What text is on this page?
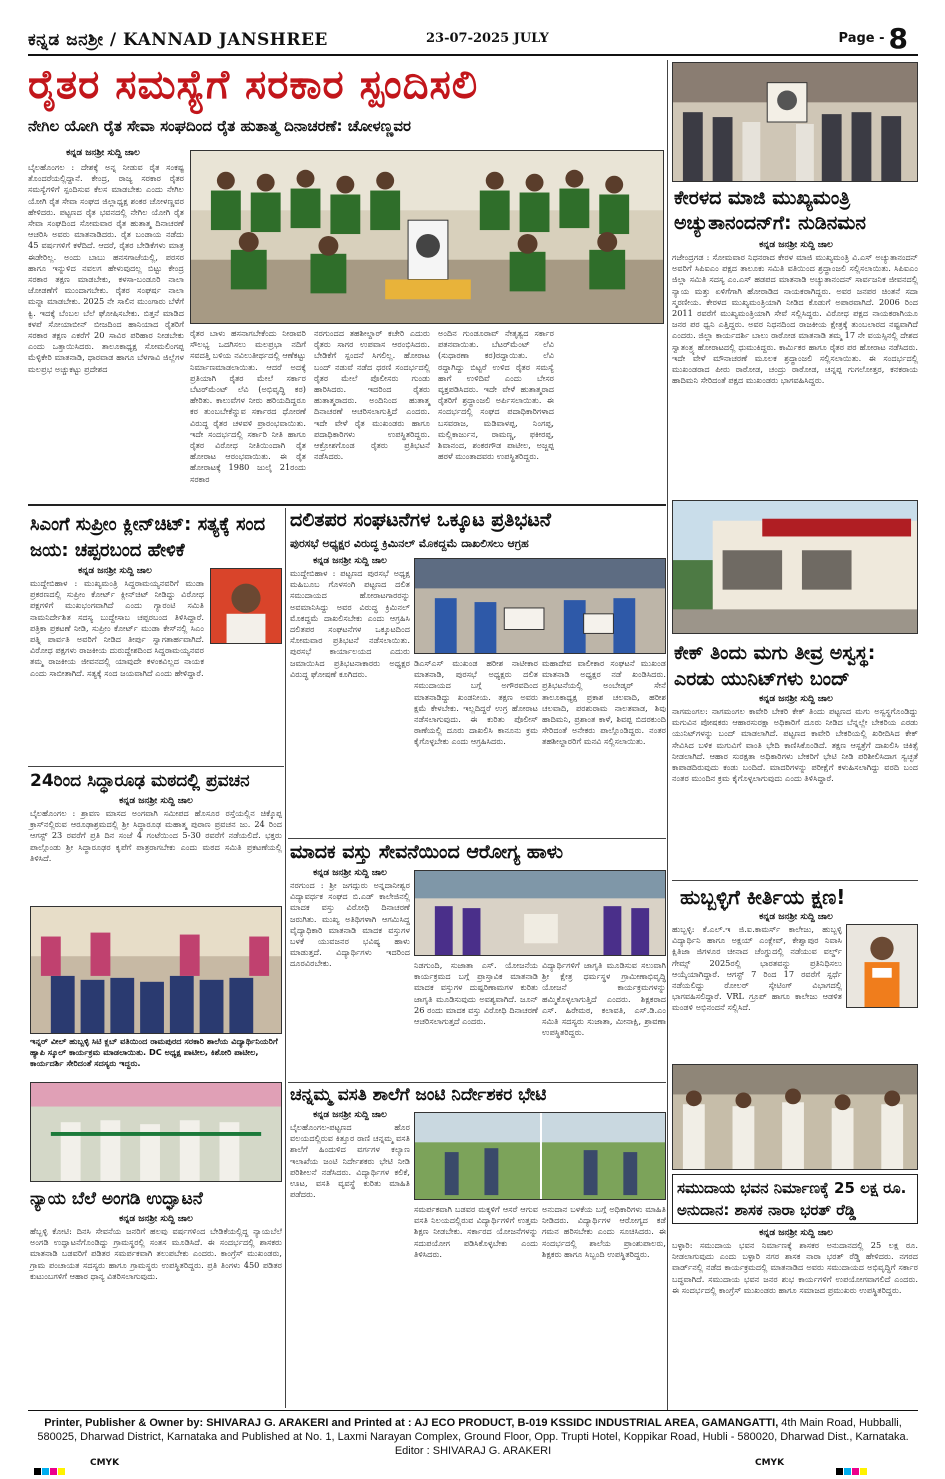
ಕನ್ನಡ ಜನಶ್ರೀ / KANNAD JANSHREE	23-07-2025 JULY	Page - 8
ರೈತರ ಸಮಸ್ಯೆಗೆ ಸರಕಾರ ಸ್ಪಂದಿಸಲಿ
ನೇಗಿಲ ಯೋಗಿ ರೈತ ಸೇವಾ ಸಂಘದಿಂದ ರೈತ ಹುತಾತ್ಮ ದಿನಾಚರಣೆ: ಚೋಳಣ್ಣವರ
ಕನ್ನಡ ಜನಶ್ರೀ ಸುದ್ದಿ ಜಾಲ
ಬೈಲಹೊಂಗಲ : ದೇಶಕ್ಕೆ ಅನ್ನ ನೀಡುವ ರೈತ ಸಂಕಷ್ಟ ತೊಂದರೆಯಲ್ಲಿದ್ದಾನೆ. ಕೇಂದ್ರ, ರಾಜ್ಯ ಸರಕಾರ ರೈತರ ಸಮಸ್ಯೆಗಳಿಗೆ ಸ್ಪಂದಿಸುವ ಕೆಲಸ ಮಾಡಬೇಕು ಎಂದು ನೇಗಿಲ ಯೋಗಿ ರೈತ ಸೇವಾ ಸಂಘದ ಜಿಲ್ಲಾಧ್ಯಕ್ಷ ಶಂಕರ ಚೋಳಣ್ಣವರ ಹೇಳಿದರು. ಪಟ್ಟಣದ ರೈತ ಭವನದಲ್ಲಿ ನೇಗಿಲ ಯೋಗಿ ರೈತ ಸೇವಾ ಸಂಘದಿಂದ ಸೋಮವಾರ ರೈತ ಹುತಾತ್ಮ ದಿನಾಚರಣೆ ಆಚರಿಸಿ ಅವರು ಮಾತನಾಡಿದರು. ರೈತ ಬಂಡಾಯ ನಡೆದು 45 ವರ್ಷಗಳಿಗೆ ಕಳೆದಿದೆ. ಆದರೆ, ರೈತರ ಬೇಡಿಕೆಗಳು ಮಾತ್ರ ಈಡೇರಿಲ್ಲ. ಅಂದು ಬಾಬು ಹನಸಗಾಜೆಯಲ್ಲಿ, ಪರಸರ ಹಾಗೂ ಇನ್ನುಳಿದ ನವಲಗ ಹೇಳುವುದಲ್ಲ ಬಿಟ್ಟು ಕೇಂದ್ರ ಸರಕಾರ ತಕ್ಷಣ ಮಾಡಬೇಕು, ಕಳಸಾ-ಬಂಡೂರಿ ನಾಲಾ ಜೋಡಣೆಗೆ ಮುಂದಾಗಬೇಕು. ರೈತರ ಸಂಘರ್ಷ ನಾಲಾ ಮನ್ನಾ ಮಾಡಬೇಕು. 2025 ನೇ ಸಾಲಿನ ಮುಂಗಾರು ಬೆಳೆಗೆ ಕ್ವಿ. ಇದಕ್ಕೆ ಬೆಂಬಲ ಬೆಲೆ ಘೋಷಿಸಬೇಕು. ಬಿತ್ತನೆ ಮಾಡಿದ ಕಳಪೆ ಸೋಯಾಬೀನ್ ಬೀಜದಿಂದ ಹಾನಿಯಾದ ರೈತರಿಗೆ ಸರಕಾರ ತಕ್ಷಣ ಎಕರೆಗೆ 20 ಸಾವಿರ ಪರಿಹಾರ ನೀಡಬೇಕು ಎಂದು ಒತ್ತಾಯಿಸಿದರು. ತಾಲೂಕಾಧ್ಯಕ್ಷ ಸೋಮಲಿಂಗಪ್ಪ ಮೆಳ್ಳಿಕೇರಿ ಮಾತನಾಡಿ, ಧಾರವಾಡ ಹಾಗೂ ಬೆಳಗಾವಿ ಜಿಲ್ಲೆಗಳ ಮಲಪ್ರಭ ಅಚ್ಚುಕಟ್ಟು ಪ್ರದೇಶದ
ರೈತರ ಬಾಳು ಹಸನಾಗಬೇಕೆಂದು ನೀರಾವರಿ ಸೌಲಭ್ಯ ಒದಗಿಸಲು ಮಲಪ್ರಭಾ ನದಿಗೆ ಸವದತ್ತಿ ಬಳಿಯ ನವಿಲುತೀರ್ಥದಲ್ಲಿ ಆಣೆಕಟ್ಟು ನಿರ್ಮಾಣಮಾಡಲಾಯಿತು. ಆದರೆ ಅದಕ್ಕೆ ಪ್ರತಿಯಾಗಿ ರೈತರ ಮೇಲೆ ಸರ್ಕಾರ ಬೆಟರ್‌ಮೆಂಟ್ ಲೆವಿ (ಅಭಿವೃದ್ಧಿ ಕರ) ಹೇರಿತು. ಕಾಲುವೆಗಳ ನೀರು ಹರಿಯದಿದ್ದರೂ ಕರ ತುಂಬಬೇಕೆನ್ನುವ ಸರ್ಕಾರದ ಧೋರಣೆ ವಿರುದ್ಧ ರೈತರ ಚಳವಳಿ ಪ್ರಾರಂಭವಾಯಿತು. ಇದೇ ಸಂದರ್ಭದಲ್ಲಿ ಸರ್ಕಾರಿ ನೀತಿ ಹಾಗೂ ರೈತರ ವಿರೋಧ ನೀತಿಯಿಂದಾಗಿ ರೈತ ಹೋರಾಟ ಆರಂಭವಾಯಿತು. ಈ ರೈತ ಹೋರಾಟಕ್ಕೆ 1980 ಜುಲೈ 21ರಂದು ಸರಕಾರ
ನರಗುಂದದ ತಹಶೀಲ್ದಾರ್ ಕಚೇರಿ ಎದುರು ರೈತರು ಸಾಗರ ಉಪವಾಸ ಆರಂಭಿಸಿದರು. ಬೇಡಿಕೆಗೆ ಸ್ಪಂದನೆ ಸಿಗಲಿಲ್ಲ. ಹೋರಾಟ ಬಂದ್ ನಡುವೆ ನಡೆದ ಧರಣಿ ಸಂದರ್ಭದಲ್ಲಿ ರೈತರ ಮೇಲೆ ಪೊಲೀಸರು ಗುಂಡು ಹಾರಿಸಿದರು. ಇದರಿಂದ ರೈತರು ಹುತಾತ್ಮರಾದರು. ಅಂದಿನಿಂದ ಹುತಾತ್ಮ ದಿನಾಚರಣೆ ಆಚರಿಸಲಾಗುತ್ತಿದೆ ಎಂದರು. ಇದೇ ವೇಳೆ ರೈತ ಮುಖಂಡರು ಹಾಗೂ ಪದಾಧಿಕಾರಿಗಳು ಉಪಸ್ಥಿತರಿದ್ದರು. ಆಕ್ರೋಶಗೊಂಡ ರೈತರು ಪ್ರತಿಭಟನೆ ನಡೆಸಿದರು.
ಅಂದಿನ ಗುಂಡೂರಾವ್ ನೇತೃತ್ವದ ಸರ್ಕಾರ ಪತನವಾಯಿತು. ಬೆಟರ್‌ಮೆಂಟ್ ಲೆವಿ (ಸುಧಾರಣಾ ಕರ)ರದ್ದಾಯಿತು. ಲೆವಿ ರದ್ದಾಗಿದ್ದು ಬಿಟ್ಟರೆ ಉಳಿದ ರೈತರ ಸಮಸ್ಯೆ ಹಾಗೆ ಉಳಿದಿವೆ ಎಂದು ಬೇಸರ ವ್ಯಕ್ತಪಡಿಸಿದರು. ಇದೇ ವೇಳೆ ಹುತಾತ್ಮರಾದ ರೈತರಿಗೆ ಶ್ರದ್ಧಾಂಜಲಿ ಅರ್ಪಿಸಲಾಯಿತು. ಈ ಸಂದರ್ಭದಲ್ಲಿ ಸಂಘದ ಪದಾಧಿಕಾರಿಗಳಾದ ಬಸವರಾಜ, ಮಡಿವಾಳಪ್ಪ, ನಿಂಗಪ್ಪ, ಮಲ್ಲಿಕಾರ್ಜುನ, ರಾಮಣ್ಣ, ಫಕೀರಪ್ಪ, ಶಿವಾನಂದ, ಶಂಕರಗೌಡ ಪಾಟೀಲ, ಅಜ್ಜಪ್ಪ ಹರಳೆ ಮುಂತಾದವರು ಉಪಸ್ಥಿತರಿದ್ದರು.
ಕೇರಳದ ಮಾಜಿ ಮುಖ್ಯಮಂತ್ರಿ ಅಚ್ಯುತಾನಂದನ್‌ಗೆ: ನುಡಿನಮನ
ಕನ್ನಡ ಜನಶ್ರೀ ಸುದ್ದಿ ಜಾಲ
ಗಜೇಂದ್ರಗಡ : ಸೋಮವಾರ ನಿಧನರಾದ ಕೇರಳ ಮಾಜಿ ಮುಖ್ಯಮಂತ್ರಿ ವಿ.ಎಸ್ ಅಚ್ಯುತಾನಂದನ್ ಅವರಿಗೆ ಸಿಪಿಐಎಂ ಪಕ್ಷದ ತಾಲೂಕು ಸಮಿತಿ ವತಿಯಿಂದ ಶ್ರದ್ಧಾಂಜಲಿ ಸಲ್ಲಿಸಲಾಯಿತು. ಸಿಪಿಐಎಂ ಜಿಲ್ಲಾ ಸಮಿತಿ ಸದಸ್ಯ ಎಂ.ಎಸ್ ಹಡಪದ ಮಾತನಾಡಿ ಅಚ್ಯುತಾನಂದನ್ ಸಾರ್ವಜನಿಕ ಜೀವನದಲ್ಲಿ ನ್ಯಾಯ ಮತ್ತು ಏಳಿಗೆಗಾಗಿ ಹೋರಾಡಿದ ನಾಯಕರಾಗಿದ್ದರು. ಅವರ ಜನಪರ ಚಿಂತನೆ ಸದಾ ಸ್ಮರಣೀಯ. ಕೇರಳದ ಮುಖ್ಯಮಂತ್ರಿಯಾಗಿ ನೀಡಿದ ಕೊಡುಗೆ ಅಪಾರವಾಗಿದೆ. 2006 ರಿಂದ 2011 ರವರೆಗೆ ಮುಖ್ಯಮಂತ್ರಿಯಾಗಿ ಸೇವೆ ಸಲ್ಲಿಸಿದ್ದರು. ವಿರೋಧ ಪಕ್ಷದ ನಾಯಕರಾಗಿಯೂ ಜನರ ಪರ ಧ್ವನಿ ಎತ್ತಿದ್ದರು. ಅವರ ನಿಧನದಿಂದ ರಾಜಕೀಯ ಕ್ಷೇತ್ರಕ್ಕೆ ತುಂಬಲಾರದ ನಷ್ಟವಾಗಿದೆ ಎಂದರು. ಜಿಲ್ಲಾ ಕಾರ್ಯದರ್ಶಿ ಬಾಲು ರಾಠೋಡ ಮಾತನಾಡಿ ತಮ್ಮ 17 ನೇ ವಯಸ್ಸಿನಲ್ಲಿ ದೇಶದ ಸ್ವಾತಂತ್ರ್ಯ ಹೋರಾಟದಲ್ಲಿ ಧುಮುಕಿದ್ದರು. ಕಾರ್ಮಿಕರ ಹಾಗೂ ರೈತರ ಪರ ಹೋರಾಟ ನಡೆಸಿದರು. ಇದೇ ವೇಳೆ ಮೌನಾಚರಣೆ ಮೂಲಕ ಶ್ರದ್ಧಾಂಜಲಿ ಸಲ್ಲಿಸಲಾಯಿತು. ಈ ಸಂದರ್ಭದಲ್ಲಿ ಮುಖಂಡರಾದ ಪೀರು ರಾಠೋಡ, ಚಂದ್ರು ರಾಠೋಡ, ಚನ್ನಪ್ಪ ಗುಗಲೋತ್ತರ, ಕನಕರಾಯ ಹಾದಿಮನಿ ಸೇರಿದಂತೆ ಪಕ್ಷದ ಮುಖಂಡರು ಭಾಗವಹಿಸಿದ್ದರು.
ಕೇಕ್ ತಿಂದು ಮಗು ತೀವ್ರ ಅಸ್ವಸ್ಥ: ಎರಡು ಯುನಿಟ್‌ಗಳು ಬಂದ್
ಕನ್ನಡ ಜನಶ್ರೀ ಸುದ್ದಿ ಜಾಲ
ನಾಗಮಂಗಲ: ನಾಗಮಂಗಲ ಕಾವೇರಿ ಬೇಕರಿ ಕೇಕ್ ತಿಂದು ಪಟ್ಟಣದ ಮಗು ಅಸ್ವಸ್ಥಗೊಂಡಿದ್ದು ಮಗುವಿನ ಪೋಷಕರು ಆಹಾರಸುರಕ್ಷಾ ಅಧಿಕಾರಿಗೆ ದೂರು ನೀಡಿದ ಬೆನ್ನಲ್ಲೇ ಬೇಕರಿಯ ಎರಡು ಯುನಿಟ್‌ಗಳನ್ನು ಬಂದ್ ಮಾಡಲಾಗಿದೆ. ಪಟ್ಟಣದ ಕಾವೇರಿ ಬೇಕರಿಯಲ್ಲಿ ಖರೀದಿಸಿದ ಕೇಕ್ ಸೇವಿಸಿದ ಬಳಿಕ ಮಗುವಿಗೆ ವಾಂತಿ ಭೇದಿ ಕಾಣಿಸಿಕೊಂಡಿದೆ. ತಕ್ಷಣ ಆಸ್ಪತ್ರೆಗೆ ದಾಖಲಿಸಿ ಚಿಕಿತ್ಸೆ ನೀಡಲಾಗಿದೆ. ಆಹಾರ ಸುರಕ್ಷತಾ ಅಧಿಕಾರಿಗಳು ಬೇಕರಿಗೆ ಭೇಟಿ ನೀಡಿ ಪರಿಶೀಲಿಸಿದಾಗ ಸ್ವಚ್ಛತೆ ಕಾಪಾಡದಿರುವುದು ಕಂಡು ಬಂದಿದೆ. ಮಾದರಿಗಳನ್ನು ಪರೀಕ್ಷೆಗೆ ಕಳುಹಿಸಲಾಗಿದ್ದು ವರದಿ ಬಂದ ನಂತರ ಮುಂದಿನ ಕ್ರಮ ಕೈಗೊಳ್ಳಲಾಗುವುದು ಎಂದು ತಿಳಿಸಿದ್ದಾರೆ.
ಹುಬ್ಬಳ್ಳಿಗೆ ಕೀರ್ತಿಯ ಕ್ಷಣ!
ಕನ್ನಡ ಜನಶ್ರೀ ಸುದ್ದಿ ಜಾಲ
ಹುಬ್ಬಳ್ಳಿ: ಕೆ.ಎಲ್.ಇ ಜಿ.ಐ.ಕಾಮರ್ಸ್ ಕಾಲೇಜು, ಹುಬ್ಬಳ್ಳಿ ವಿದ್ಯಾರ್ಥಿನಿ ಹಾಗೂ ಅಕ್ಷಯ್ ಎಂಕ್ಲೇವ್, ಕೇಶ್ವಾಪುರ ನಿವಾಸಿ ಕ್ಷಿತಿಜಾ ಜಿಗಳೂರ ಚೀನಾದ ಚೆಂಗ್ಡುದಲ್ಲಿ ನಡೆಯುವ ವರ್ಲ್ಡ್ ಗೇಮ್ಸ್ 2025ರಲ್ಲಿ ಭಾರತವನ್ನು ಪ್ರತಿನಿಧಿಸಲು ಆಯ್ಕೆಯಾಗಿದ್ದಾರೆ. ಆಗಸ್ಟ್ 7 ರಿಂದ 17 ರವರೆಗೆ ಸ್ಪರ್ಧೆ ನಡೆಯಲಿದ್ದು ರೋಲರ್ ಸ್ಕೇಟಿಂಗ್ ವಿಭಾಗದಲ್ಲಿ ಭಾಗವಹಿಸಲಿದ್ದಾರೆ. VRL ಗ್ರೂಪ್ ಹಾಗೂ ಕಾಲೇಜು ಆಡಳಿತ ಮಂಡಳಿ ಅಭಿನಂದನೆ ಸಲ್ಲಿಸಿದೆ.
ಸಮುದಾಯ ಭವನ ನಿರ್ಮಾಣಕ್ಕೆ 25 ಲಕ್ಷ ರೂ. ಅನುದಾನ: ಶಾಸಕ ನಾರಾ ಭರತ್ ರೆಡ್ಡಿ
ಕನ್ನಡ ಜನಶ್ರೀ ಸುದ್ದಿ ಜಾಲ
ಬಳ್ಳಾರಿ: ಸಮುದಾಯ ಭವನ ನಿರ್ಮಾಣಕ್ಕೆ ಶಾಸಕರ ಅನುದಾನದಲ್ಲಿ 25 ಲಕ್ಷ ರೂ. ನೀಡಲಾಗುವುದು ಎಂದು ಬಳ್ಳಾರಿ ನಗರ ಶಾಸಕ ನಾರಾ ಭರತ್ ರೆಡ್ಡಿ ಹೇಳಿದರು. ನಗರದ ವಾರ್ಡ್‌ನಲ್ಲಿ ನಡೆದ ಕಾರ್ಯಕ್ರಮದಲ್ಲಿ ಮಾತನಾಡಿದ ಅವರು ಸಮುದಾಯದ ಅಭಿವೃದ್ಧಿಗೆ ಸರ್ಕಾರ ಬದ್ಧವಾಗಿದೆ. ಸಮುದಾಯ ಭವನ ಜನರ ಶುಭ ಕಾರ್ಯಗಳಿಗೆ ಉಪಯೋಗವಾಗಲಿದೆ ಎಂದರು. ಈ ಸಂದರ್ಭದಲ್ಲಿ ಕಾಂಗ್ರೆಸ್ ಮುಖಂಡರು ಹಾಗೂ ಸಮಾಜದ ಪ್ರಮುಖರು ಉಪಸ್ಥಿತರಿದ್ದರು.
ಸಿಎಂಗೆ ಸುಪ್ರೀಂ ಕ್ಲೀನ್‌ಚಿಟ್: ಸತ್ಯಕ್ಕೆ ಸಂದ ಜಯ: ಚಪ್ಪರಬಂದ ಹೇಳಿಕೆ
ಕನ್ನಡ ಜನಶ್ರೀ ಸುದ್ದಿ ಜಾಲ
ಮುದ್ದೇಬಿಹಾಳ : ಮುಖ್ಯಮಂತ್ರಿ ಸಿದ್ದರಾಮಯ್ಯನವರಿಗೆ ಮುಡಾ ಪ್ರಕರಣದಲ್ಲಿ ಸುಪ್ರೀಂ ಕೋರ್ಟ್ ಕ್ಲೀನ್‌ಚಿಟ್ ನೀಡಿದ್ದು ವಿರೋಧ ಪಕ್ಷಗಳಿಗೆ ಮುಖಭಂಗವಾಗಿದೆ ಎಂದು ಗ್ಯಾರಂಟಿ ಸಮಿತಿ ನಾಮನಿರ್ದೇಶಿತ ಸದಸ್ಯ ಬುದ್ದೇಸಾಬ ಚಪ್ಪರಬಂದ ತಿಳಿಸಿದ್ದಾರೆ. ಪತ್ರಿಕಾ ಪ್ರಕಟಣೆ ನೀಡಿ, ಸುಪ್ರೀಂ ಕೋರ್ಟ್ ಮುಡಾ ಕೇಸ್‌ನಲ್ಲಿ ಸಿಎಂ ಪತ್ನಿ ಪಾರ್ವತಿ ಅವರಿಗೆ ನೀಡಿದ ತೀರ್ಪು ಸ್ವಾಗತಾರ್ಹವಾಗಿದೆ. ವಿರೋಧ ಪಕ್ಷಗಳು ರಾಜಕೀಯ ದುರುದ್ದೇಶದಿಂದ ಸಿದ್ದರಾಮಯ್ಯನವರ ತಮ್ಮ ರಾಜಕೀಯ ಜೀವನದಲ್ಲಿ ಯಾವುದೇ ಕಳಂಕವಿಲ್ಲದ ನಾಯಕ ಎಂದು ಸಾಬೀತಾಗಿದೆ. ಸತ್ಯಕ್ಕೆ ಸಂದ ಜಯವಾಗಿದೆ ಎಂದು ಹೇಳಿದ್ದಾರೆ.
24ರಿಂದ ಸಿದ್ಧಾರೂಢ ಮಠದಲ್ಲಿ ಪ್ರವಚನ
ಕನ್ನಡ ಜನಶ್ರೀ ಸುದ್ದಿ ಜಾಲ
ಬೈಲಹೊಂಗಲ : ಶ್ರಾವಣ ಮಾಸದ ಅಂಗವಾಗಿ ಸಮೀಪದ ಹೊಸೂರ ರಸ್ತೆಯಲ್ಲಿನ ಚಿಕ್ಕೊಪ್ಪ ಕ್ರಾಸ್‌ನಲ್ಲಿರುವ ಆರೂಢಾಶ್ರಮದಲ್ಲಿ ಶ್ರೀ ಸಿದ್ಧಾರೂಢ ಮಹಾತ್ಮ ಪುರಾಣ ಪ್ರವಚನ ಜು. 24 ರಿಂದ ಆಗಸ್ಟ್ 23 ರವರೆಗೆ ಪ್ರತಿ ದಿನ ಸಂಜೆ 4 ಗಂಟೆಯಿಂದ 5-30 ರವರೆಗೆ ನಡೆಯಲಿದೆ. ಭಕ್ತರು ಪಾಲ್ಗೊಂಡು ಶ್ರೀ ಸಿದ್ಧಾರೂಢರ ಕೃಪೆಗೆ ಪಾತ್ರರಾಗಬೇಕು ಎಂದು ಮಠದ ಸಮಿತಿ ಪ್ರಕಟಣೆಯಲ್ಲಿ ತಿಳಿಸಿದೆ.
ಇನ್ನರ್ ವೀಲ್ ಹುಬ್ಬಳ್ಳಿ ಸಿಟಿ ಕ್ಲಬ್ ವತಿಯಿಂದ ರಾಮಪುರದ ಸರಕಾರಿ ಶಾಲೆಯ ವಿದ್ಯಾರ್ಥಿನಿಯರಿಗೆ ಹ್ಯಾಪಿ ಸ್ಕೂಲ್ ಕಾರ್ಯಕ್ರಮ ಮಾಡಲಾಯಿತು. DC ಅಧ್ಯಕ್ಷ ಪಾಟೀಲ, ಕಿಶೋರಿ ಪಾಟೀಲ, ಕಾರ್ಯದರ್ಶಿ ಸೇರಿದಂತೆ ಸದಸ್ಯರು ಇದ್ದರು.
ನ್ಯಾಯ ಬೆಲೆ ಅಂಗಡಿ ಉದ್ಘಾಟನೆ
ಕನ್ನಡ ಜನಶ್ರೀ ಸುದ್ದಿ ಜಾಲ
ಹೆಬ್ಬಳ್ಳಿ ಕೋಟಿ: ದಿನಸಿ ಸೇವನೆಯ ಜನರಿಗೆ ಹಲವು ವರ್ಷಗಳಿಂದ ಬೇಡಿಕೆಯಲ್ಲಿದ್ದ ನ್ಯಾಯಬೆಲೆ ಅಂಗಡಿ ಉದ್ಘಾಟನೆಗೊಂಡಿದ್ದು ಗ್ರಾಮಸ್ಥರಲ್ಲಿ ಸಂತಸ ಮೂಡಿಸಿದೆ. ಈ ಸಂದರ್ಭದಲ್ಲಿ ಶಾಸಕರು ಮಾತನಾಡಿ ಬಡವರಿಗೆ ಪಡಿತರ ಸಮರ್ಪಕವಾಗಿ ತಲುಪಬೇಕು ಎಂದರು. ಕಾಂಗ್ರೆಸ್ ಮುಖಂಡರು, ಗ್ರಾಮ ಪಂಚಾಯತ ಸದಸ್ಯರು ಹಾಗೂ ಗ್ರಾಮಸ್ಥರು ಉಪಸ್ಥಿತರಿದ್ದರು. ಪ್ರತಿ ತಿಂಗಳು 450 ಪಡಿತರ ಕುಟುಂಬಗಳಿಗೆ ಆಹಾರ ಧಾನ್ಯ ವಿತರಿಸಲಾಗುವುದು.
ದಲಿತಪರ ಸಂಘಟನೆಗಳ ಒಕ್ಕೂಟ ಪ್ರತಿಭಟನೆ
ಪುರಸಭೆ ಅಧ್ಯಕ್ಷರ ವಿರುದ್ಧ ಕ್ರಿಮಿನಲ್ ಮೊಕದ್ದಮೆ ದಾಖಲಿಸಲು ಆಗ್ರಹ
ಕನ್ನಡ ಜನಶ್ರೀ ಸುದ್ದಿ ಜಾಲ
ಮುದ್ದೇಬಿಹಾಳ : ಪಟ್ಟಣದ ಪುರಸಭೆ ಅಧ್ಯಕ್ಷ ಮಹಿಬೂಬ ಗೊಳಸಂಗಿ ಪಟ್ಟಣದ ದಲಿತ ಸಮುದಾಯದ ಹೋರಾಟಗಾರರನ್ನು ಅವಮಾನಿಸಿದ್ದು ಅವರ ವಿರುದ್ಧ ಕ್ರಿಮಿನಲ್ ಮೊಕದ್ದಮೆ ದಾಖಲಿಸಬೇಕು ಎಂದು ಆಗ್ರಹಿಸಿ ದಲಿತಪರ ಸಂಘಟನೆಗಳ ಒಕ್ಕೂಟದಿಂದ ಸೋಮವಾರ ಪ್ರತಿಭಟನೆ ನಡೆಸಲಾಯಿತು. ಪುರಸಭೆ ಕಾರ್ಯಾಲಯದ ಎದುರು ಜಮಾಯಿಸಿದ ಪ್ರತಿಭಟನಾಕಾರರು ಅಧ್ಯಕ್ಷರ ವಿರುದ್ಧ ಘೋಷಣೆ ಕೂಗಿದರು.
ಡಿಎಸ್‌ಎಸ್ ಮುಖಂಡ ಹರೀಶ ನಾಟೀಕಾರ ಮಾತನಾಡಿ, ಪುರಸಭೆ ಅಧ್ಯಕ್ಷರು ದಲಿತ ಸಮುದಾಯದ ಬಗ್ಗೆ ಅಗೌರವದಿಂದ ಮಾತನಾಡಿದ್ದು ಖಂಡನೀಯ. ತಕ್ಷಣ ಅವರು ಕ್ಷಮೆ ಕೇಳಬೇಕು. ಇಲ್ಲದಿದ್ದರೆ ಉಗ್ರ ಹೋರಾಟ ನಡೆಸಲಾಗುವುದು. ಈ ಕುರಿತು ಪೊಲೀಸ್ ಠಾಣೆಯಲ್ಲಿ ದೂರು ದಾಖಲಿಸಿ ಕಾನೂನು ಕ್ರಮ ಕೈಗೊಳ್ಳಬೇಕು ಎಂದು ಆಗ್ರಹಿಸಿದರು.
ಮಹಾದೇವ ವಾಲೀಕಾರ ಸಂಘಟನೆ ಮುಖಂಡ ಮಾತನಾಡಿ ಅಧ್ಯಕ್ಷರ ನಡೆ ಖಂಡಿಸಿದರು. ಪ್ರತಿಭಟನೆಯಲ್ಲಿ ಅಂಬೇಡ್ಕರ್ ಸೇನೆ ತಾಲೂಕಾಧ್ಯಕ್ಷ ಪ್ರಕಾಶ ಚಲವಾದಿ, ಹರೀಶ ಚಲವಾದಿ, ಪರಶುರಾಮ ನಾಲತವಾಡ, ಶಿವು ಹಾದಿಮನಿ, ಪ್ರಶಾಂತ ಕಾಳೆ, ಶಿವಪ್ಪ ಬಿದರಕುಂದಿ ಸೇರಿದಂತೆ ಅನೇಕರು ಪಾಲ್ಗೊಂಡಿದ್ದರು. ನಂತರ ತಹಶೀಲ್ದಾರರಿಗೆ ಮನವಿ ಸಲ್ಲಿಸಲಾಯಿತು.
ಮಾದಕ ವಸ್ತು ಸೇವನೆಯಿಂದ ಆರೋಗ್ಯ ಹಾಳು
ಕನ್ನಡ ಜನಶ್ರೀ ಸುದ್ದಿ ಜಾಲ
ನರಗುಂದ : ಶ್ರೀ ಜಗದ್ಗುರು ಅನ್ನದಾನೀಶ್ವರ ವಿದ್ಯಾವರ್ಧಕ ಸಂಘದ ಬಿ.ಎಡ್ ಕಾಲೇಜಿನಲ್ಲಿ ಮಾದಕ ವಸ್ತು ವಿರೋಧಿ ದಿನಾಚರಣೆ ಜರುಗಿತು. ಮುಖ್ಯ ಅತಿಥಿಗಳಾಗಿ ಆಗಮಿಸಿದ್ದ ವೈದ್ಯಾಧಿಕಾರಿ ಮಾತನಾಡಿ ಮಾದಕ ವಸ್ತುಗಳ ಬಳಕೆ ಯುವಜನರ ಭವಿಷ್ಯ ಹಾಳು ಮಾಡುತ್ತದೆ. ವಿದ್ಯಾರ್ಥಿಗಳು ಇದರಿಂದ ದೂರವಿರಬೇಕು.	ನಿಡಗುಂದಿ, ಸುಜಾತಾ ಎಸ್. ಯೋಜನೆಯ ಕಾರ್ಯಕ್ರಮದ ಬಗ್ಗೆ ಪ್ರಾಸ್ತಾವಿಕ ಮಾತನಾಡಿ ಮಾದಕ ವಸ್ತುಗಳ ದುಷ್ಪರಿಣಾಮಗಳ ಕುರಿತು ಜಾಗೃತಿ ಮೂಡಿಸುವುದು ಅವಶ್ಯವಾಗಿದೆ. ಜೂನ್ 26 ರಂದು ಮಾದಕ ವಸ್ತು ವಿರೋಧಿ ದಿನಾಚರಣೆ ಆಚರಿಸಲಾಗುತ್ತದೆ ಎಂದರು.
ವಿದ್ಯಾರ್ಥಿಗಳಿಗೆ ಜಾಗೃತಿ ಮೂಡಿಸುವ ಸಲುವಾಗಿ ಶ್ರೀ ಕ್ಷೇತ್ರ ಧರ್ಮಸ್ಥಳ ಗ್ರಾಮೀಣಾಭಿವೃದ್ಧಿ ಯೋಜನೆ ಕಾರ್ಯಕ್ರಮಗಳನ್ನು ಹಮ್ಮಿಕೊಳ್ಳಲಾಗುತ್ತಿದೆ ಎಂದರು. ಶಿಕ್ಷಕರಾದ ಎಸ್. ಹಿರೇಮಠ, ಕಲಾವತಿ, ಎಸ್.ಡಿ.ಎಂ ಸಮಿತಿ ಸದಸ್ಯರು ಸುಜಾತಾ, ಮೀನಾಕ್ಷಿ, ಶ್ರಾವಣಾ ಉಪಸ್ಥಿತರಿದ್ದರು.
ಚನ್ನಮ್ಮ ವಸತಿ ಶಾಲೆಗೆ ಜಂಟಿ ನಿರ್ದೇಶಕರ ಭೇಟಿ
ಕನ್ನಡ ಜನಶ್ರೀ ಸುದ್ದಿ ಜಾಲ
ಬೈಲಹೊಂಗಲ-ಪಟ್ಟಣದ ಹೊರ ವಲಯದಲ್ಲಿರುವ ಕಿತ್ತೂರ ರಾಣಿ ಚನ್ನಮ್ಮ ವಸತಿ ಶಾಲೆಗೆ ಹಿಂದುಳಿದ ವರ್ಗಗಳ ಕಲ್ಯಾಣ ಇಲಾಖೆಯ ಜಂಟಿ ನಿರ್ದೇಶಕರು ಭೇಟಿ ನೀಡಿ ಪರಿಶೀಲನೆ ನಡೆಸಿದರು. ವಿದ್ಯಾರ್ಥಿಗಳ ಕಲಿಕೆ, ಊಟ, ವಸತಿ ವ್ಯವಸ್ಥೆ ಕುರಿತು ಮಾಹಿತಿ ಪಡೆದರು.
ಸಮರ್ಪಕವಾಗಿ ಬಡವರ ಮಕ್ಕಳಿಗೆ ಆಸರೆ ಆಗುವ ವಸತಿ ನಿಲಯದಲ್ಲಿರುವ ವಿದ್ಯಾರ್ಥಿಗಳಿಗೆ ಉತ್ತಮ ಶಿಕ್ಷಣ ನೀಡಬೇಕು. ಸರ್ಕಾರದ ಯೋಜನೆಗಳನ್ನು ಸದುಪಯೋಗ ಪಡಿಸಿಕೊಳ್ಳಬೇಕು ಎಂದು ತಿಳಿಸಿದರು.
ಅನುದಾನ ಬಳಕೆಯ ಬಗ್ಗೆ ಅಧಿಕಾರಿಗಳು ಮಾಹಿತಿ ನೀಡಿದರು. ವಿದ್ಯಾರ್ಥಿಗಳ ಆರೋಗ್ಯದ ಕಡೆ ಗಮನ ಹರಿಸಬೇಕು ಎಂದು ಸೂಚಿಸಿದರು. ಈ ಸಂದರ್ಭದಲ್ಲಿ ಶಾಲೆಯ ಪ್ರಾಂಶುಪಾಲರು, ಶಿಕ್ಷಕರು ಹಾಗೂ ಸಿಬ್ಬಂದಿ ಉಪಸ್ಥಿತರಿದ್ದರು.
Printer, Publisher & Owner by: SHIVARAJ G. ARAKERI and Printed at : AJ ECO PRODUCT, B-019 KSSIDC INDUSTRIAL AREA, GAMANGATTI, 4th Main Road, Hubballi, 580025, Dharwad District, Karnataka and Published at No. 1, Laxmi Narayan Complex, Ground Floor, Opp. Trupti Hotel, Koppikar Road, Hubli - 580020, Dharwad Dist., Karnataka. Editor : SHIVARAJ G. ARAKERI
CMYK	CMYK
